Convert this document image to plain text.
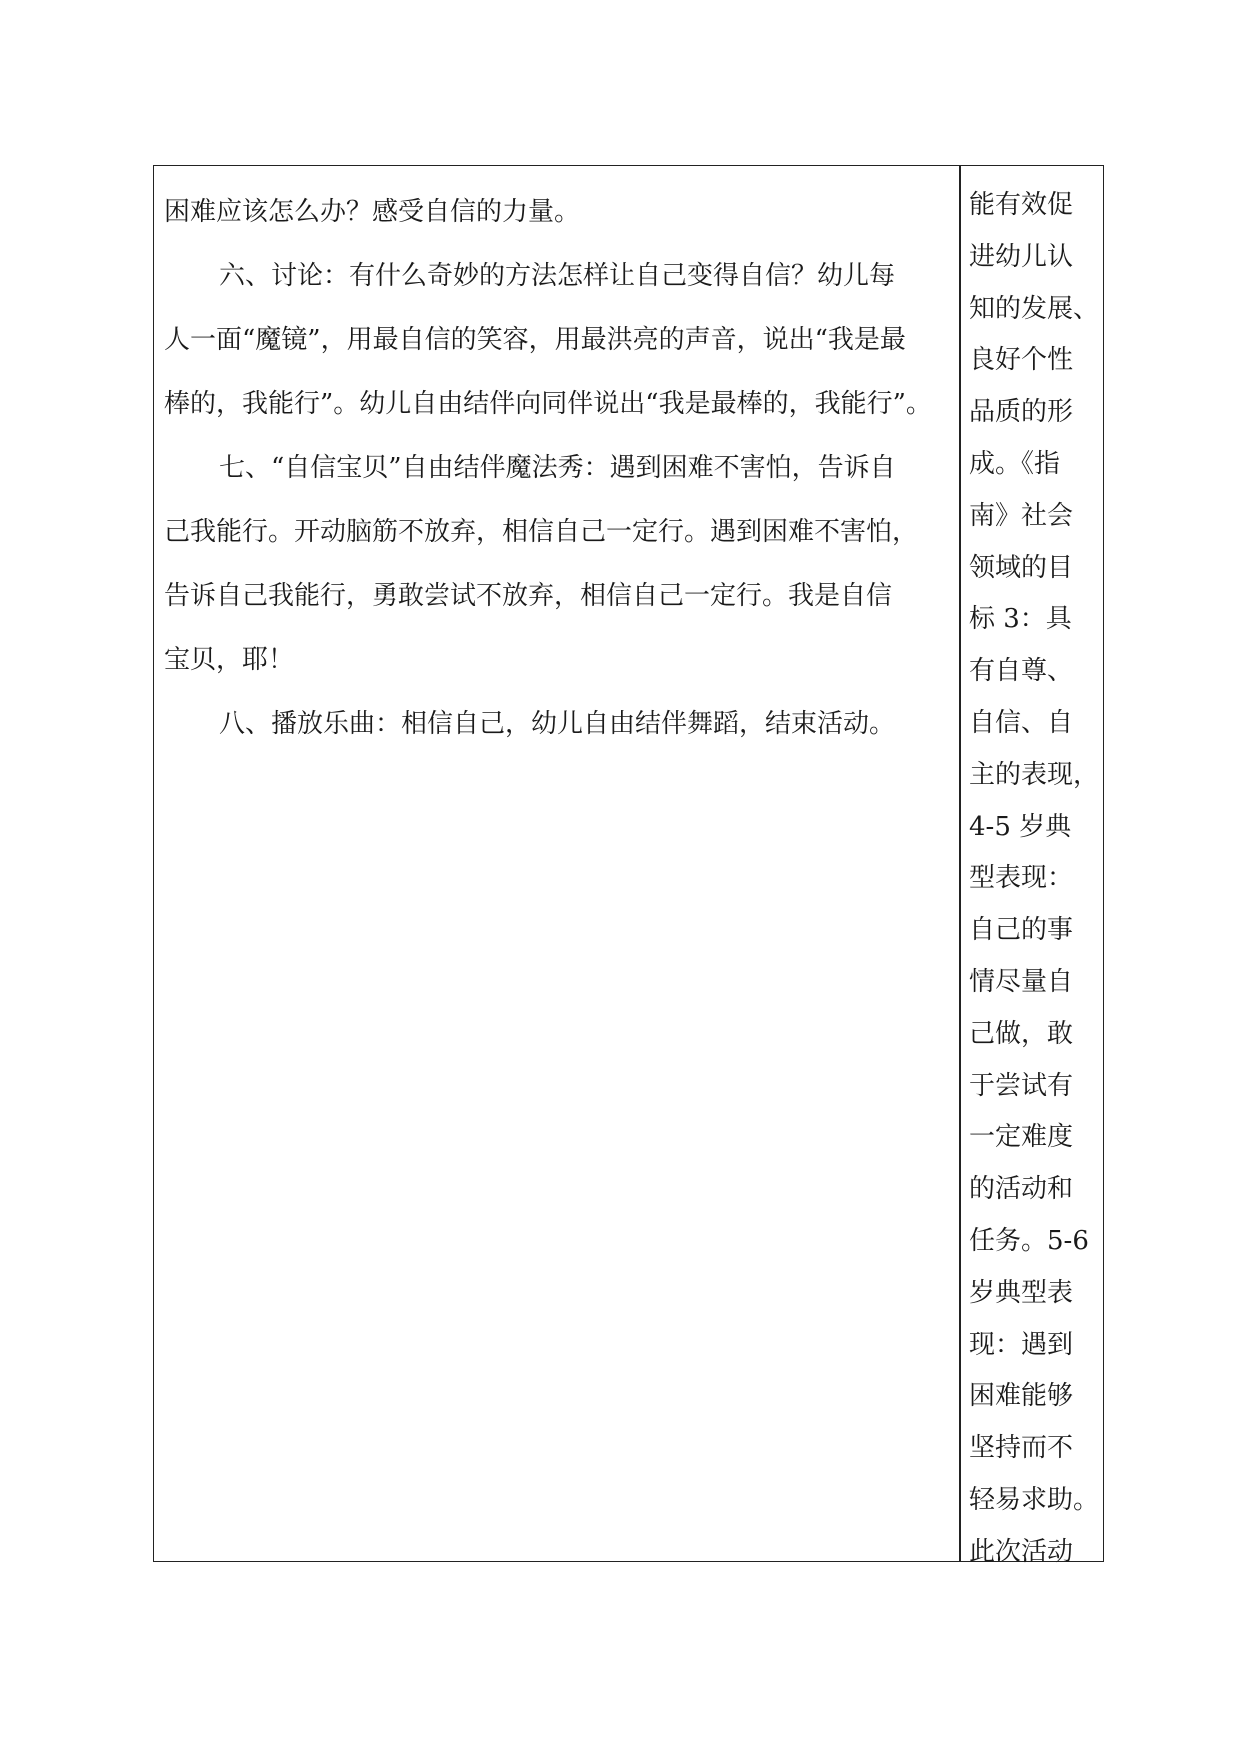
困难应该怎么办？感受自信的力量。

六、讨论：有什么奇妙的方法怎样让自己变得自信？幼儿每

人一面“魔镜”，用最自信的笑容，用最洪亮的声音，说出“我是最

棒的，我能行”。幼儿自由结伴向同伴说出“我是最棒的，我能行”。

七、“自信宝贝”自由结伴魔法秀：遇到困难不害怕，告诉自

己我能行。开动脑筋不放弃，相信自己一定行。遇到困难不害怕，

告诉自己我能行，勇敢尝试不放弃，相信自己一定行。我是自信

宝贝，耶！

八、播放乐曲：相信自己，幼儿自由结伴舞蹈，结束活动。

能有效促

进幼儿认

知的发展、

良好个性

品质的形

成。《指

南》社会

领域的目

标 3：具

有自尊、

自信、自

主的表现，

4-5 岁典

型表现：

自己的事

情尽量自

己做，敢

于尝试有

一定难度

的活动和

任务。5-6

岁典型表

现：遇到

困难能够

坚持而不

轻易求助。

此次活动
